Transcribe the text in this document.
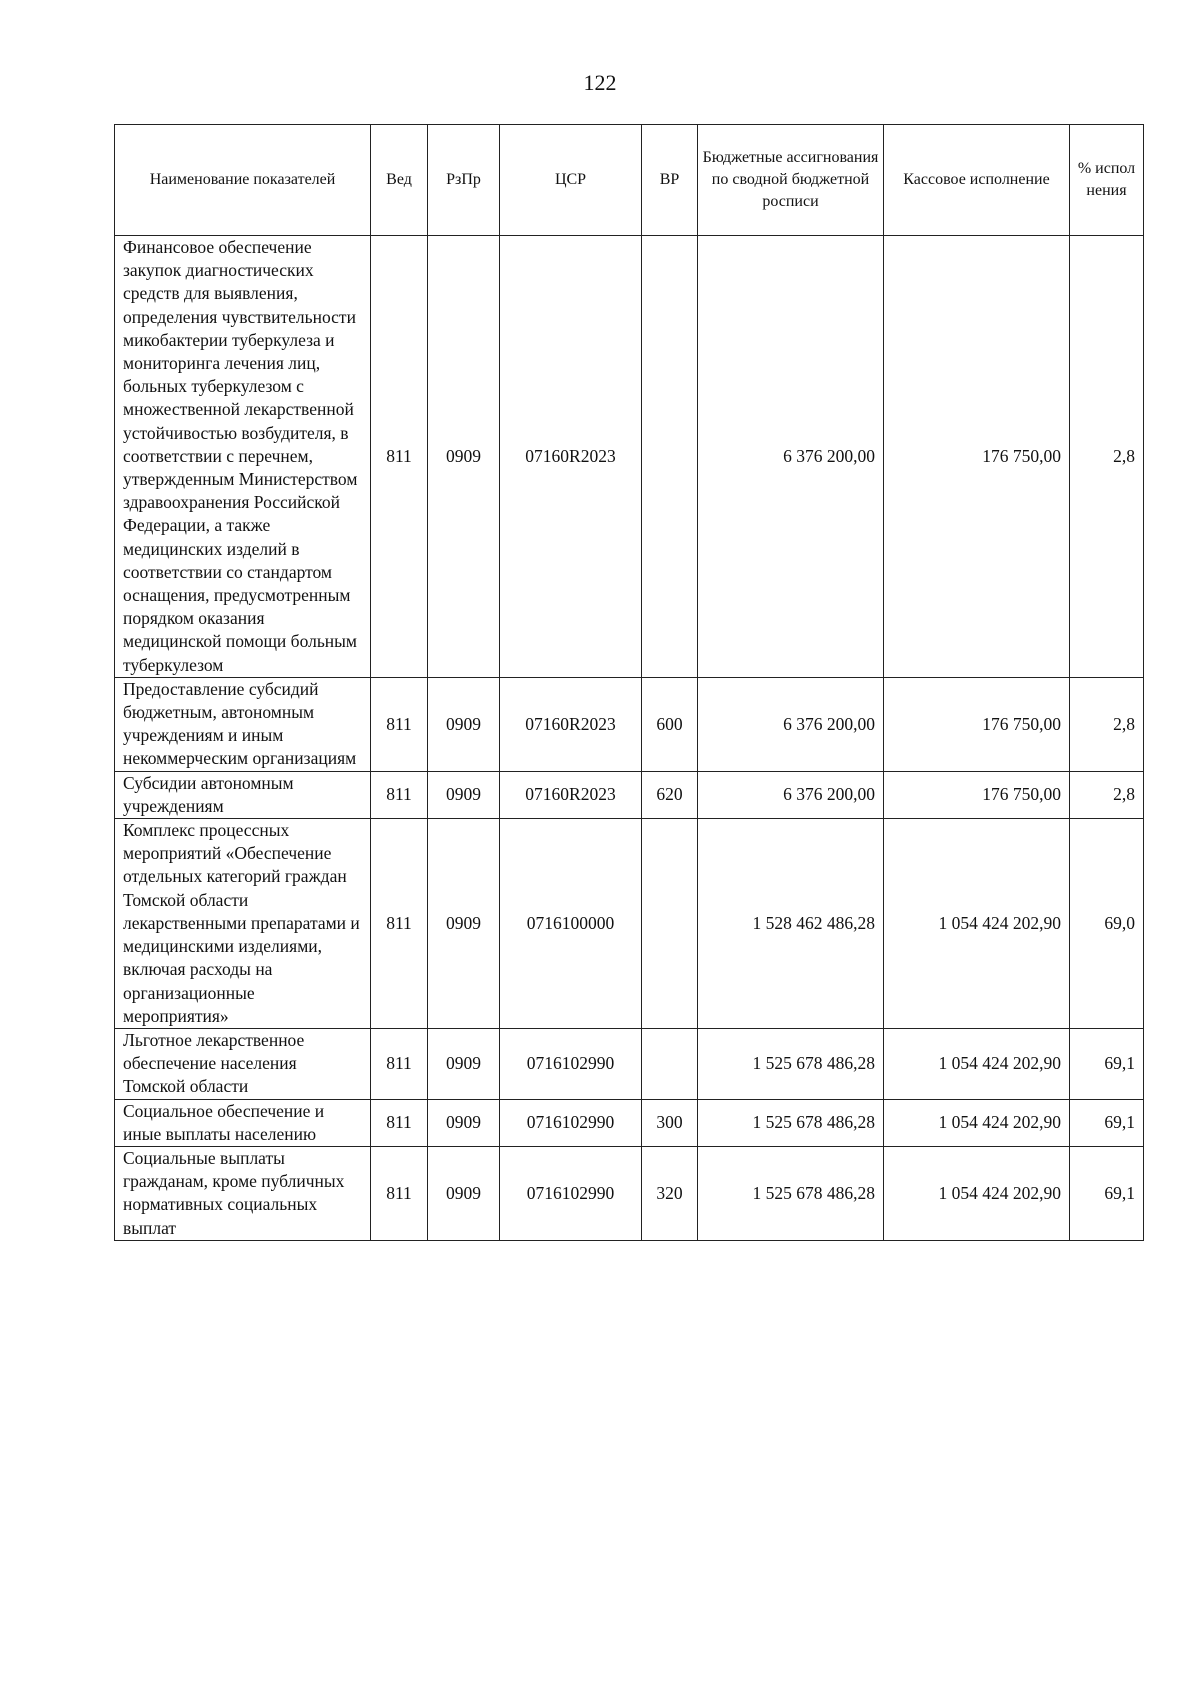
122
Наименование показателей	Вед	РзПр	ЦСР	ВР	Бюджетные ассигнования по сводной бюджетной росписи	Кассовое исполнение	% испол нения
Финансовое обеспечение закупок диагностических средств для выявления, определения чувствительности микобактерии туберкулеза и мониторинга лечения лиц, больных туберкулезом с множественной лекарственной устойчивостью возбудителя, в соответствии с перечнем, утвержденным Министерством здравоохранения Российской Федерации, а также медицинских изделий в соответствии со стандартом оснащения, предусмотренным порядком оказания медицинской помощи больным туберкулезом	811	0909	07160R2023		6 376 200,00	176 750,00	2,8
Предоставление субсидий бюджетным, автономным учреждениям и иным некоммерческим организациям	811	0909	07160R2023	600	6 376 200,00	176 750,00	2,8
Субсидии автономным учреждениям	811	0909	07160R2023	620	6 376 200,00	176 750,00	2,8
Комплекс процессных мероприятий «Обеспечение отдельных категорий граждан Томской области лекарственными препаратами и медицинскими изделиями, включая расходы на организационные мероприятия»	811	0909	0716100000		1 528 462 486,28	1 054 424 202,90	69,0
Льготное лекарственное обеспечение населения Томской области	811	0909	0716102990		1 525 678 486,28	1 054 424 202,90	69,1
Социальное обеспечение и иные выплаты населению	811	0909	0716102990	300	1 525 678 486,28	1 054 424 202,90	69,1
Социальные выплаты гражданам, кроме публичных нормативных социальных выплат	811	0909	0716102990	320	1 525 678 486,28	1 054 424 202,90	69,1
